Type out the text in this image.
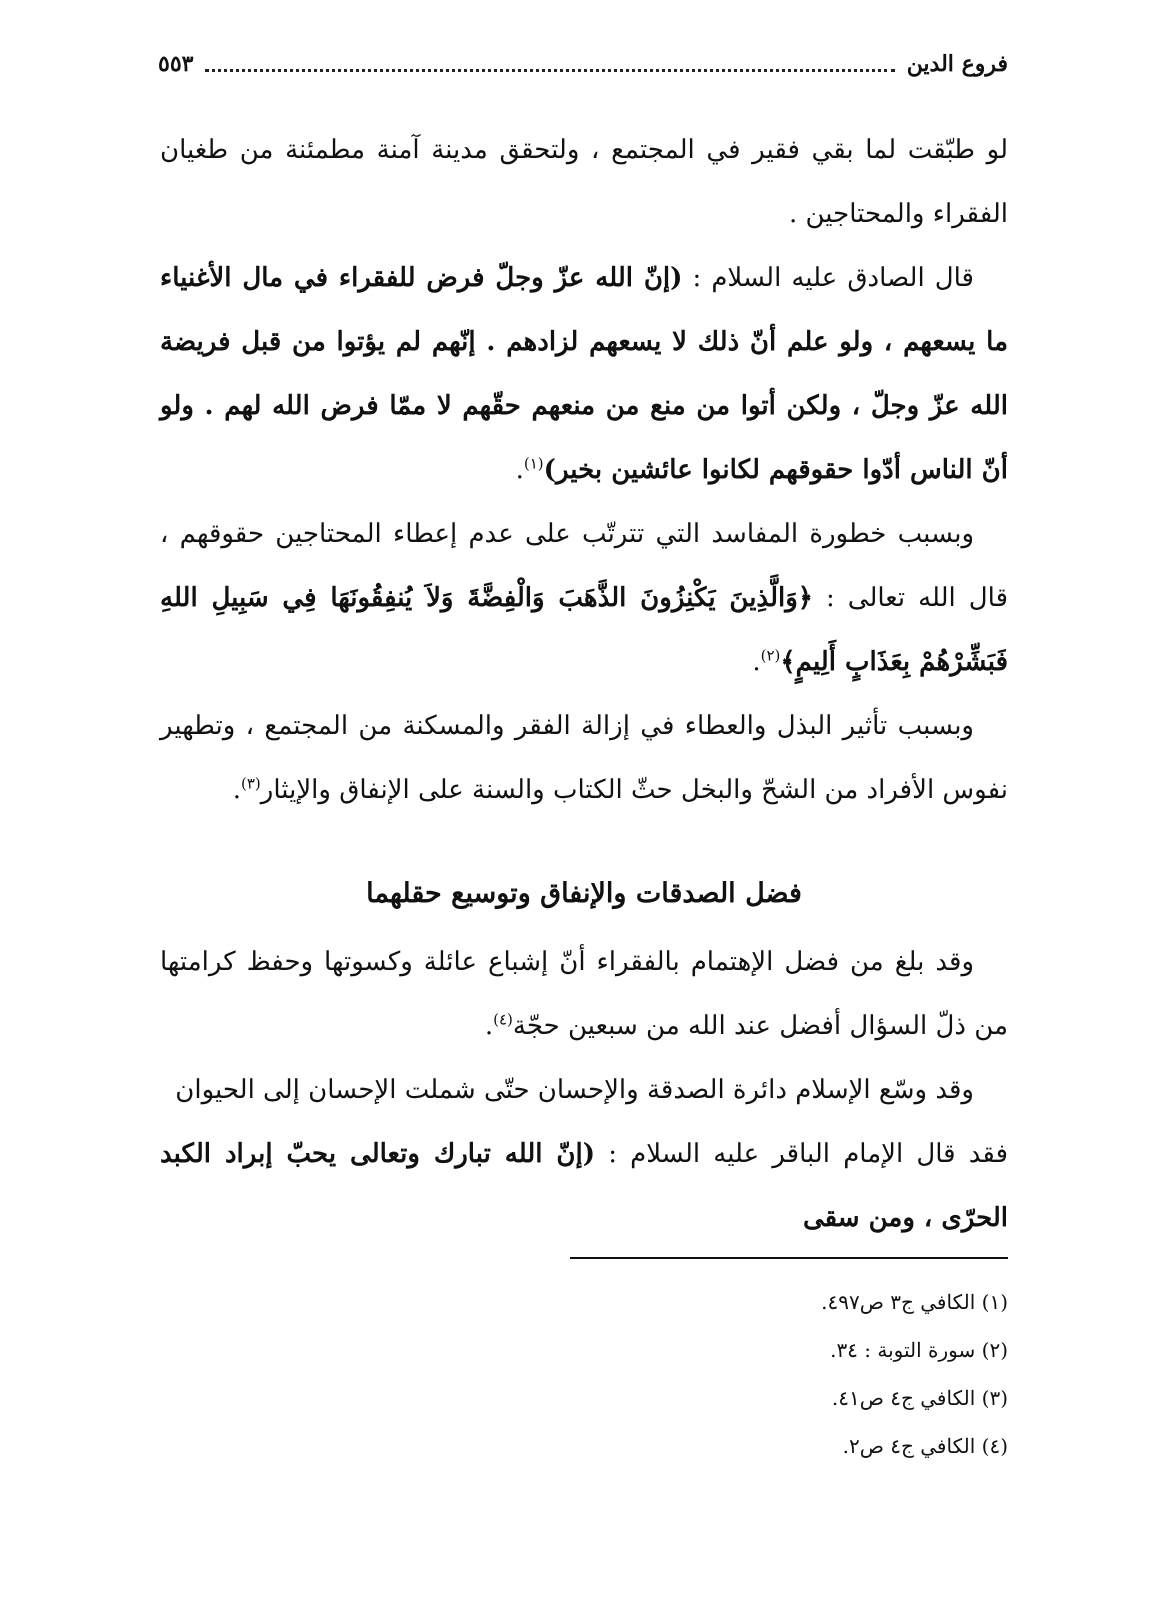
فروع الدين
٥٥٣

لو طبّقت لما بقي فقير في المجتمع ، ولتحقق مدينة آمنة مطمئنة من طغيان الفقراء والمحتاجين .

قال الصادق عليه السلام : (إنّ الله عزّ وجلّ فرض للفقراء في مال الأغنياء ما يسعهم ، ولو علم أنّ ذلك لا يسعهم لزادهم . إنّهم لم يؤتوا من قبل فريضة الله عزّ وجلّ ، ولكن أتوا من منع من منعهم حقّهم لا ممّا فرض الله لهم . ولو أنّ الناس أدّوا حقوقهم لكانوا عائشين بخير)$^{(١)}$.

وبسبب خطورة المفاسد التي تترتّب على عدم إعطاء المحتاجين حقوقهم ، قال الله تعالى : ﴿وَالَّذِينَ يَكْنِزُونَ الذَّهَبَ وَالْفِضَّةَ وَلاَ يُنفِقُونَهَا فِي سَبِيلِ اللهِ فَبَشِّرْهُمْ بِعَذَابٍ أَلِيمٍ﴾$^{(٢)}$.

وبسبب تأثير البذل والعطاء في إزالة الفقر والمسكنة من المجتمع ، وتطهير نفوس الأفراد من الشحّ والبخل حثّ الكتاب والسنة على الإنفاق والإيثار$^{(٣)}$.

فضل الصدقات والإنفاق وتوسيع حقلهما

وقد بلغ من فضل الإهتمام بالفقراء أنّ إشباع عائلة وكسوتها وحفظ كرامتها من ذلّ السؤال أفضل عند الله من سبعين حجّة$^{(٤)}$.

وقد وسّع الإسلام دائرة الصدقة والإحسان حتّى شملت الإحسان إلى الحيوان

فقد قال الإمام الباقر عليه السلام : (إنّ الله تبارك وتعالى يحبّ إبراد الكبد الحرّى ، ومن سقى

(١) الكافي ج٣ ص٤٩٧.

(٢) سورة التوبة : ٣٤.

(٣) الكافي ج٤ ص٤١.

(٤) الكافي ج٤ ص٢.
